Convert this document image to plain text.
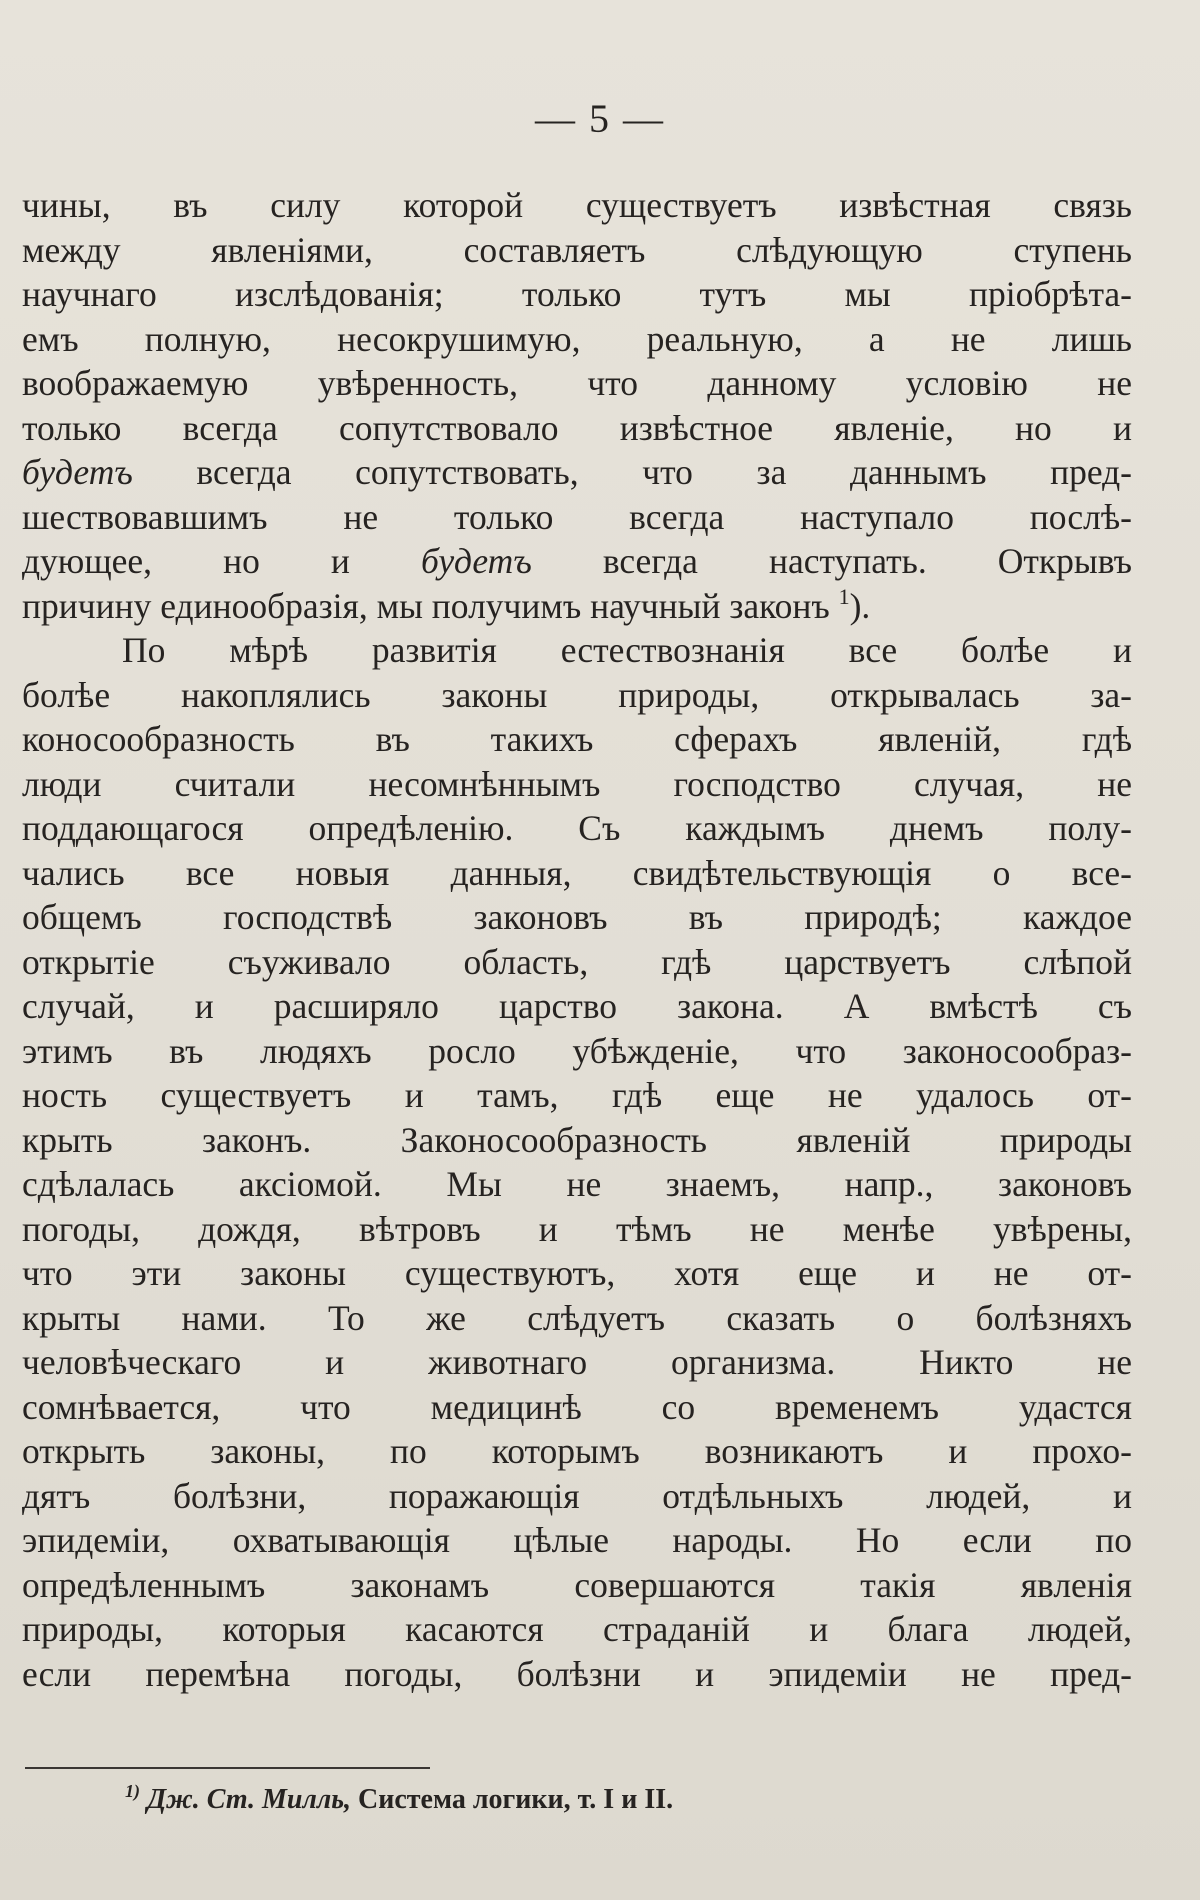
— 5 —
чины, въ силу которой существуетъ извѣстная связь
между явленіями, составляетъ слѣдующую ступень
научнаго изслѣдованія; только тутъ мы пріобрѣта-
емъ полную, несокрушимую, реальную, а не лишь
воображаемую увѣренность, что данному условію не
только всегда сопутствовало извѣстное явленіе, но и
будетъ всегда сопутствовать, что за даннымъ пред-
шествовавшимъ не только всегда наступало послѣ-
дующее, но и будетъ всегда наступать. Открывъ
причину единообразія, мы получимъ научный законъ $^1$).
По мѣрѣ развитія естествознанія все болѣе и
болѣе накоплялись законы природы, открывалась за-
коносообразность въ такихъ сферахъ явленій, гдѣ
люди считали несомнѣннымъ господство случая, не
поддающагося опредѣленію. Съ каждымъ днемъ полу-
чались все новыя данныя, свидѣтельствующія о все-
общемъ господствѣ законовъ въ природѣ; каждое
открытіе съуживало область, гдѣ царствуетъ слѣпой
случай, и расширяло царство закона. А вмѣстѣ съ
этимъ въ людяхъ росло убѣжденіе, что законосообраз-
ность существуетъ и тамъ, гдѣ еще не удалось от-
крыть законъ. Законосообразность явленій природы
сдѣлалась аксіомой. Мы не знаемъ, напр., законовъ
погоды, дождя, вѣтровъ и тѣмъ не менѣе увѣрены,
что эти законы существуютъ, хотя еще и не от-
крыты нами. То же слѣдуетъ сказать о болѣзняхъ
человѣческаго и животнаго организма. Никто не
сомнѣвается, что медицинѣ со временемъ удастся
открыть законы, по которымъ возникаютъ и прохо-
дятъ болѣзни, поражающія отдѣльныхъ людей, и
эпидеміи, охватывающія цѣлые народы. Но если по
опредѣленнымъ законамъ совершаются такія явленія
природы, которыя касаются страданій и блага людей,
если перемѣна погоды, болѣзни и эпидеміи не пред-
$^{1)}$ Дж. Ст. Милль, Система логики, т. I и II.
